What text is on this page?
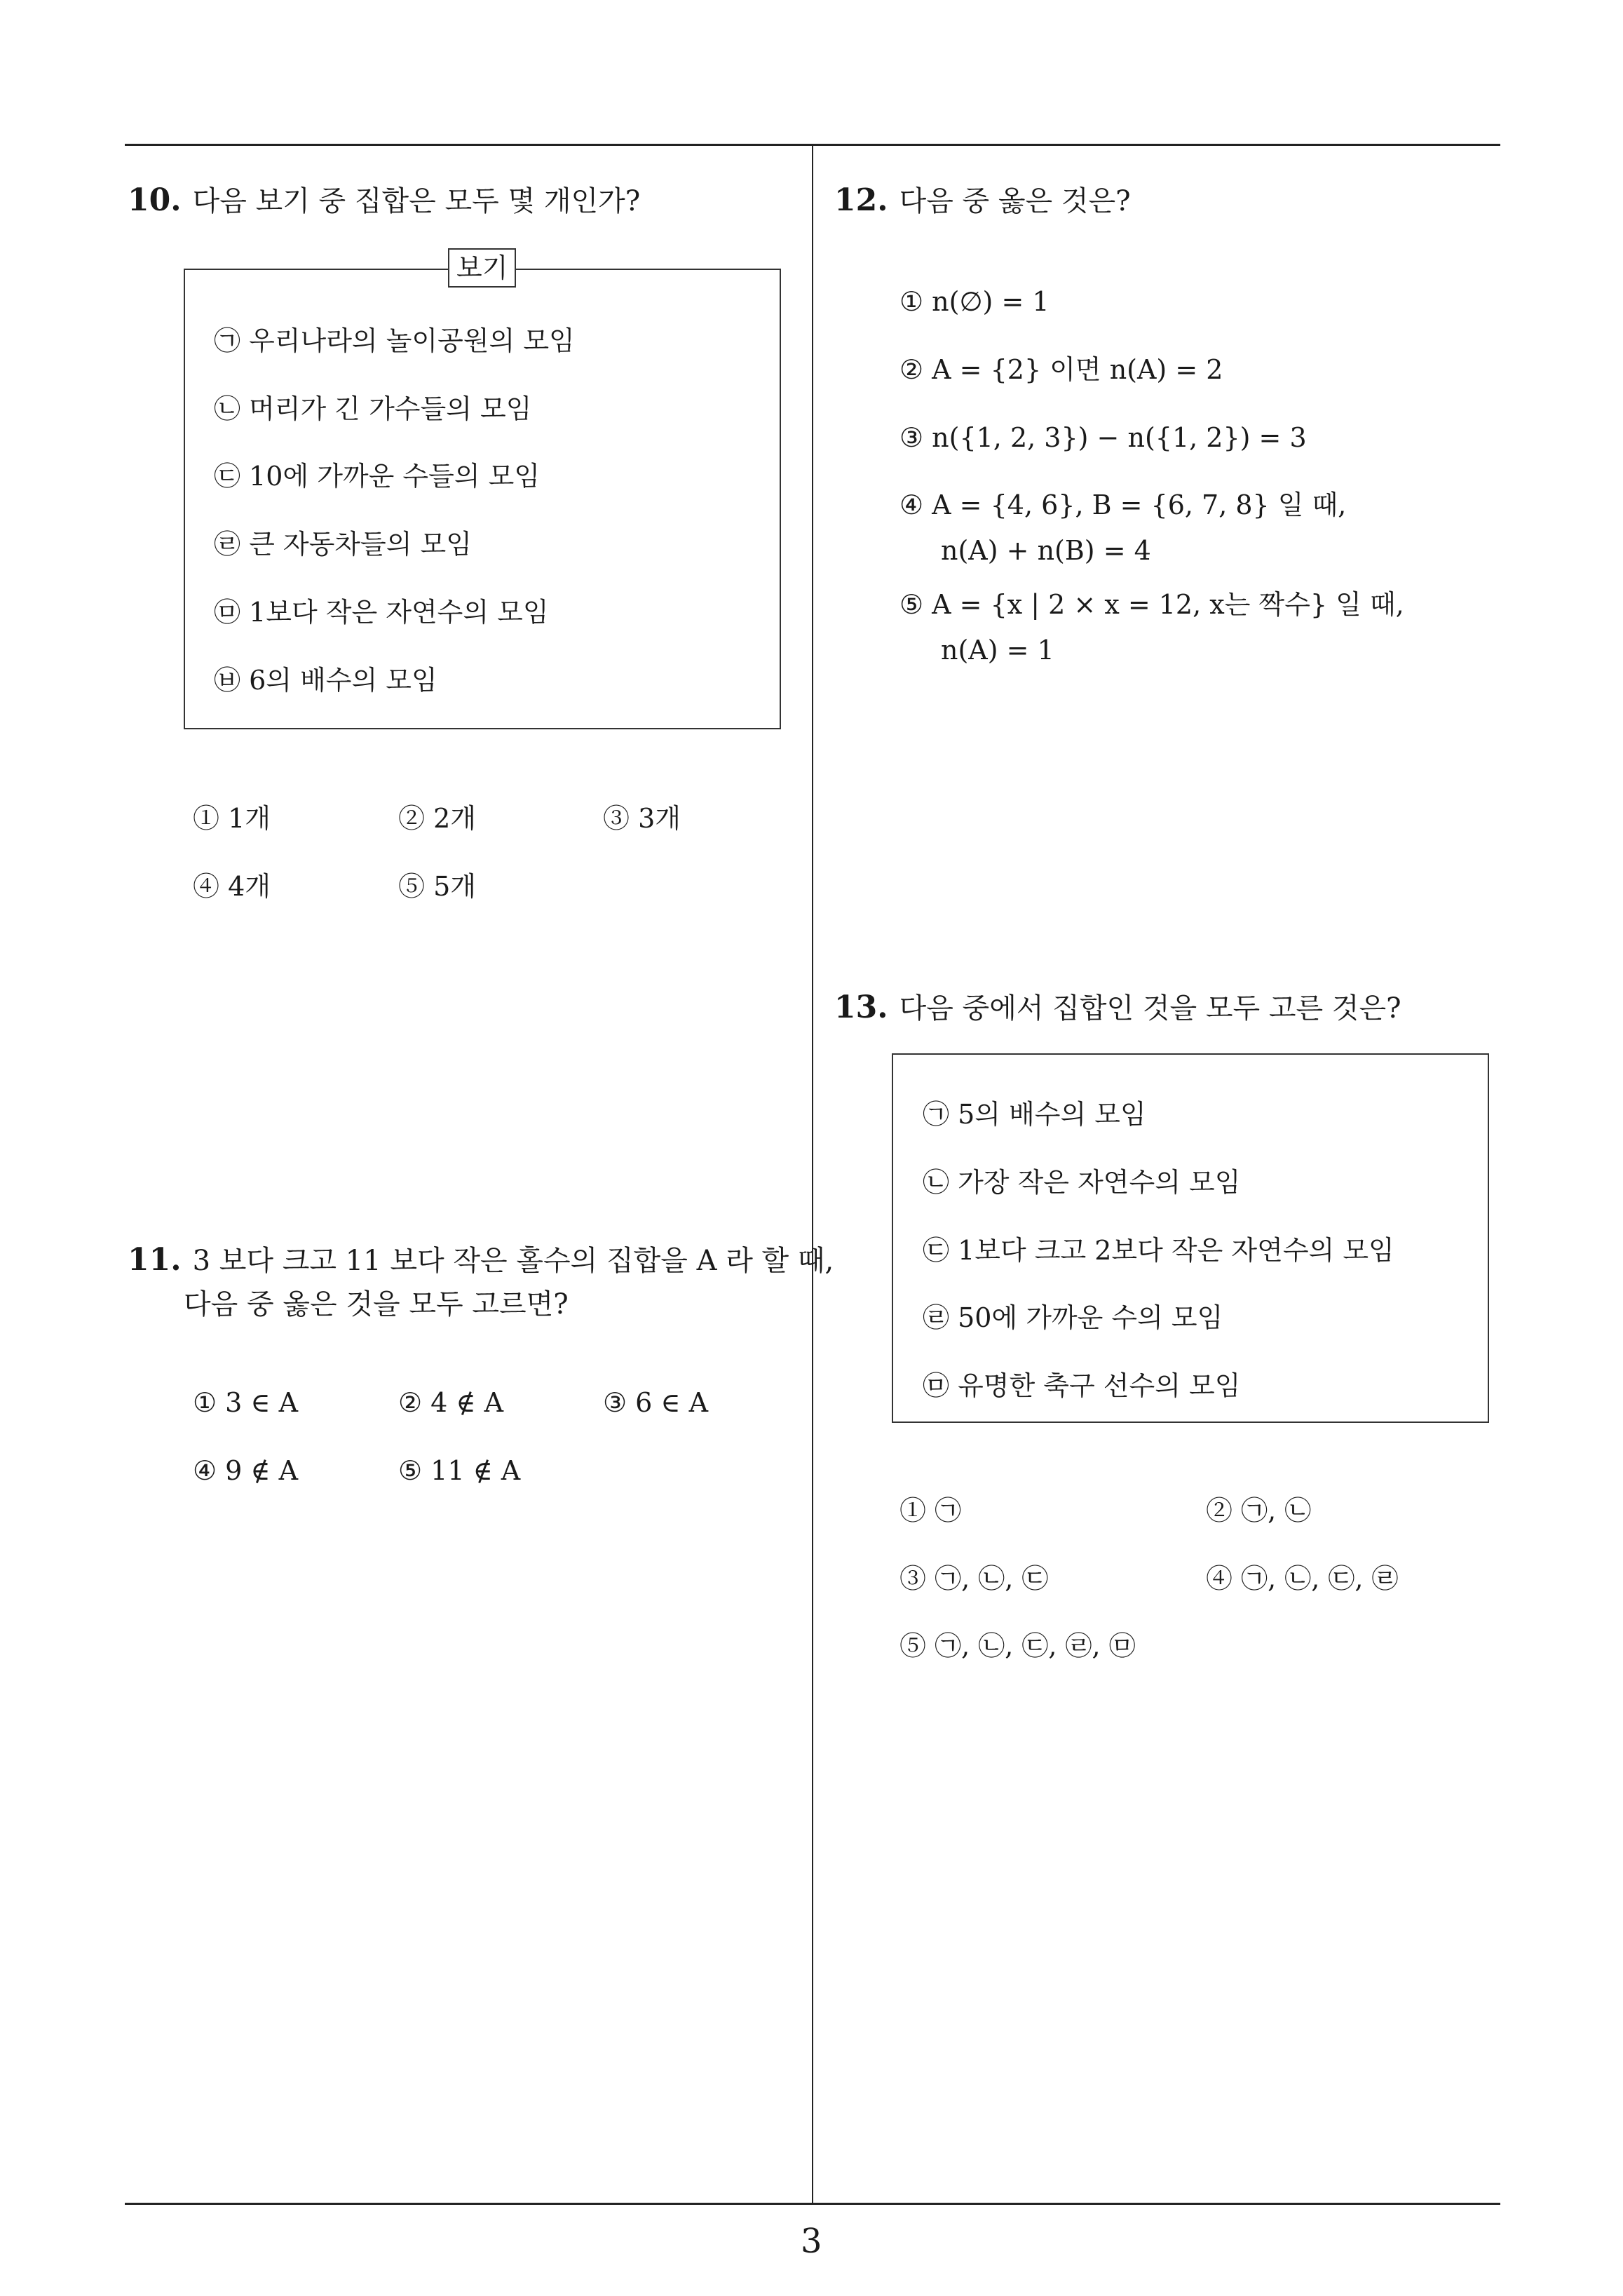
10. 다음 보기 중 집합은 모두 몇 개인가?
보기
㉠ 우리나라의 놀이공원의 모임
㉡ 머리가 긴 가수들의 모임
㉢ 10에 가까운 수들의 모임
㉣ 큰 자동차들의 모임
㉤ 1보다 작은 자연수의 모임
㉥ 6의 배수의 모임
① 1개	② 2개	③ 3개
④ 4개	⑤ 5개
11. 3 보다 크고 11 보다 작은 홀수의 집합을 A 라 할 때,
다음 중 옳은 것을 모두 고르면?
① 3 ∈ A	② 4 ∉ A	③ 6 ∈ A
④ 9 ∉ A	⑤ 11 ∉ A
12. 다음 중 옳은 것은?
① n(∅) = 1
② A = {2} 이면 n(A) = 2
③ n({1, 2, 3}) − n({1, 2}) = 3
④ A = {4, 6}, B = {6, 7, 8} 일 때,
n(A) + n(B) = 4
⑤ A = {x | 2 × x = 12, x는 짝수} 일 때,
n(A) = 1
13. 다음 중에서 집합인 것을 모두 고른 것은?
㉠ 5의 배수의 모임
㉡ 가장 작은 자연수의 모임
㉢ 1보다 크고 2보다 작은 자연수의 모임
㉣ 50에 가까운 수의 모임
㉤ 유명한 축구 선수의 모임
① ㉠	② ㉠, ㉡
③ ㉠, ㉡, ㉢	④ ㉠, ㉡, ㉢, ㉣
⑤ ㉠, ㉡, ㉢, ㉣, ㉤
3
